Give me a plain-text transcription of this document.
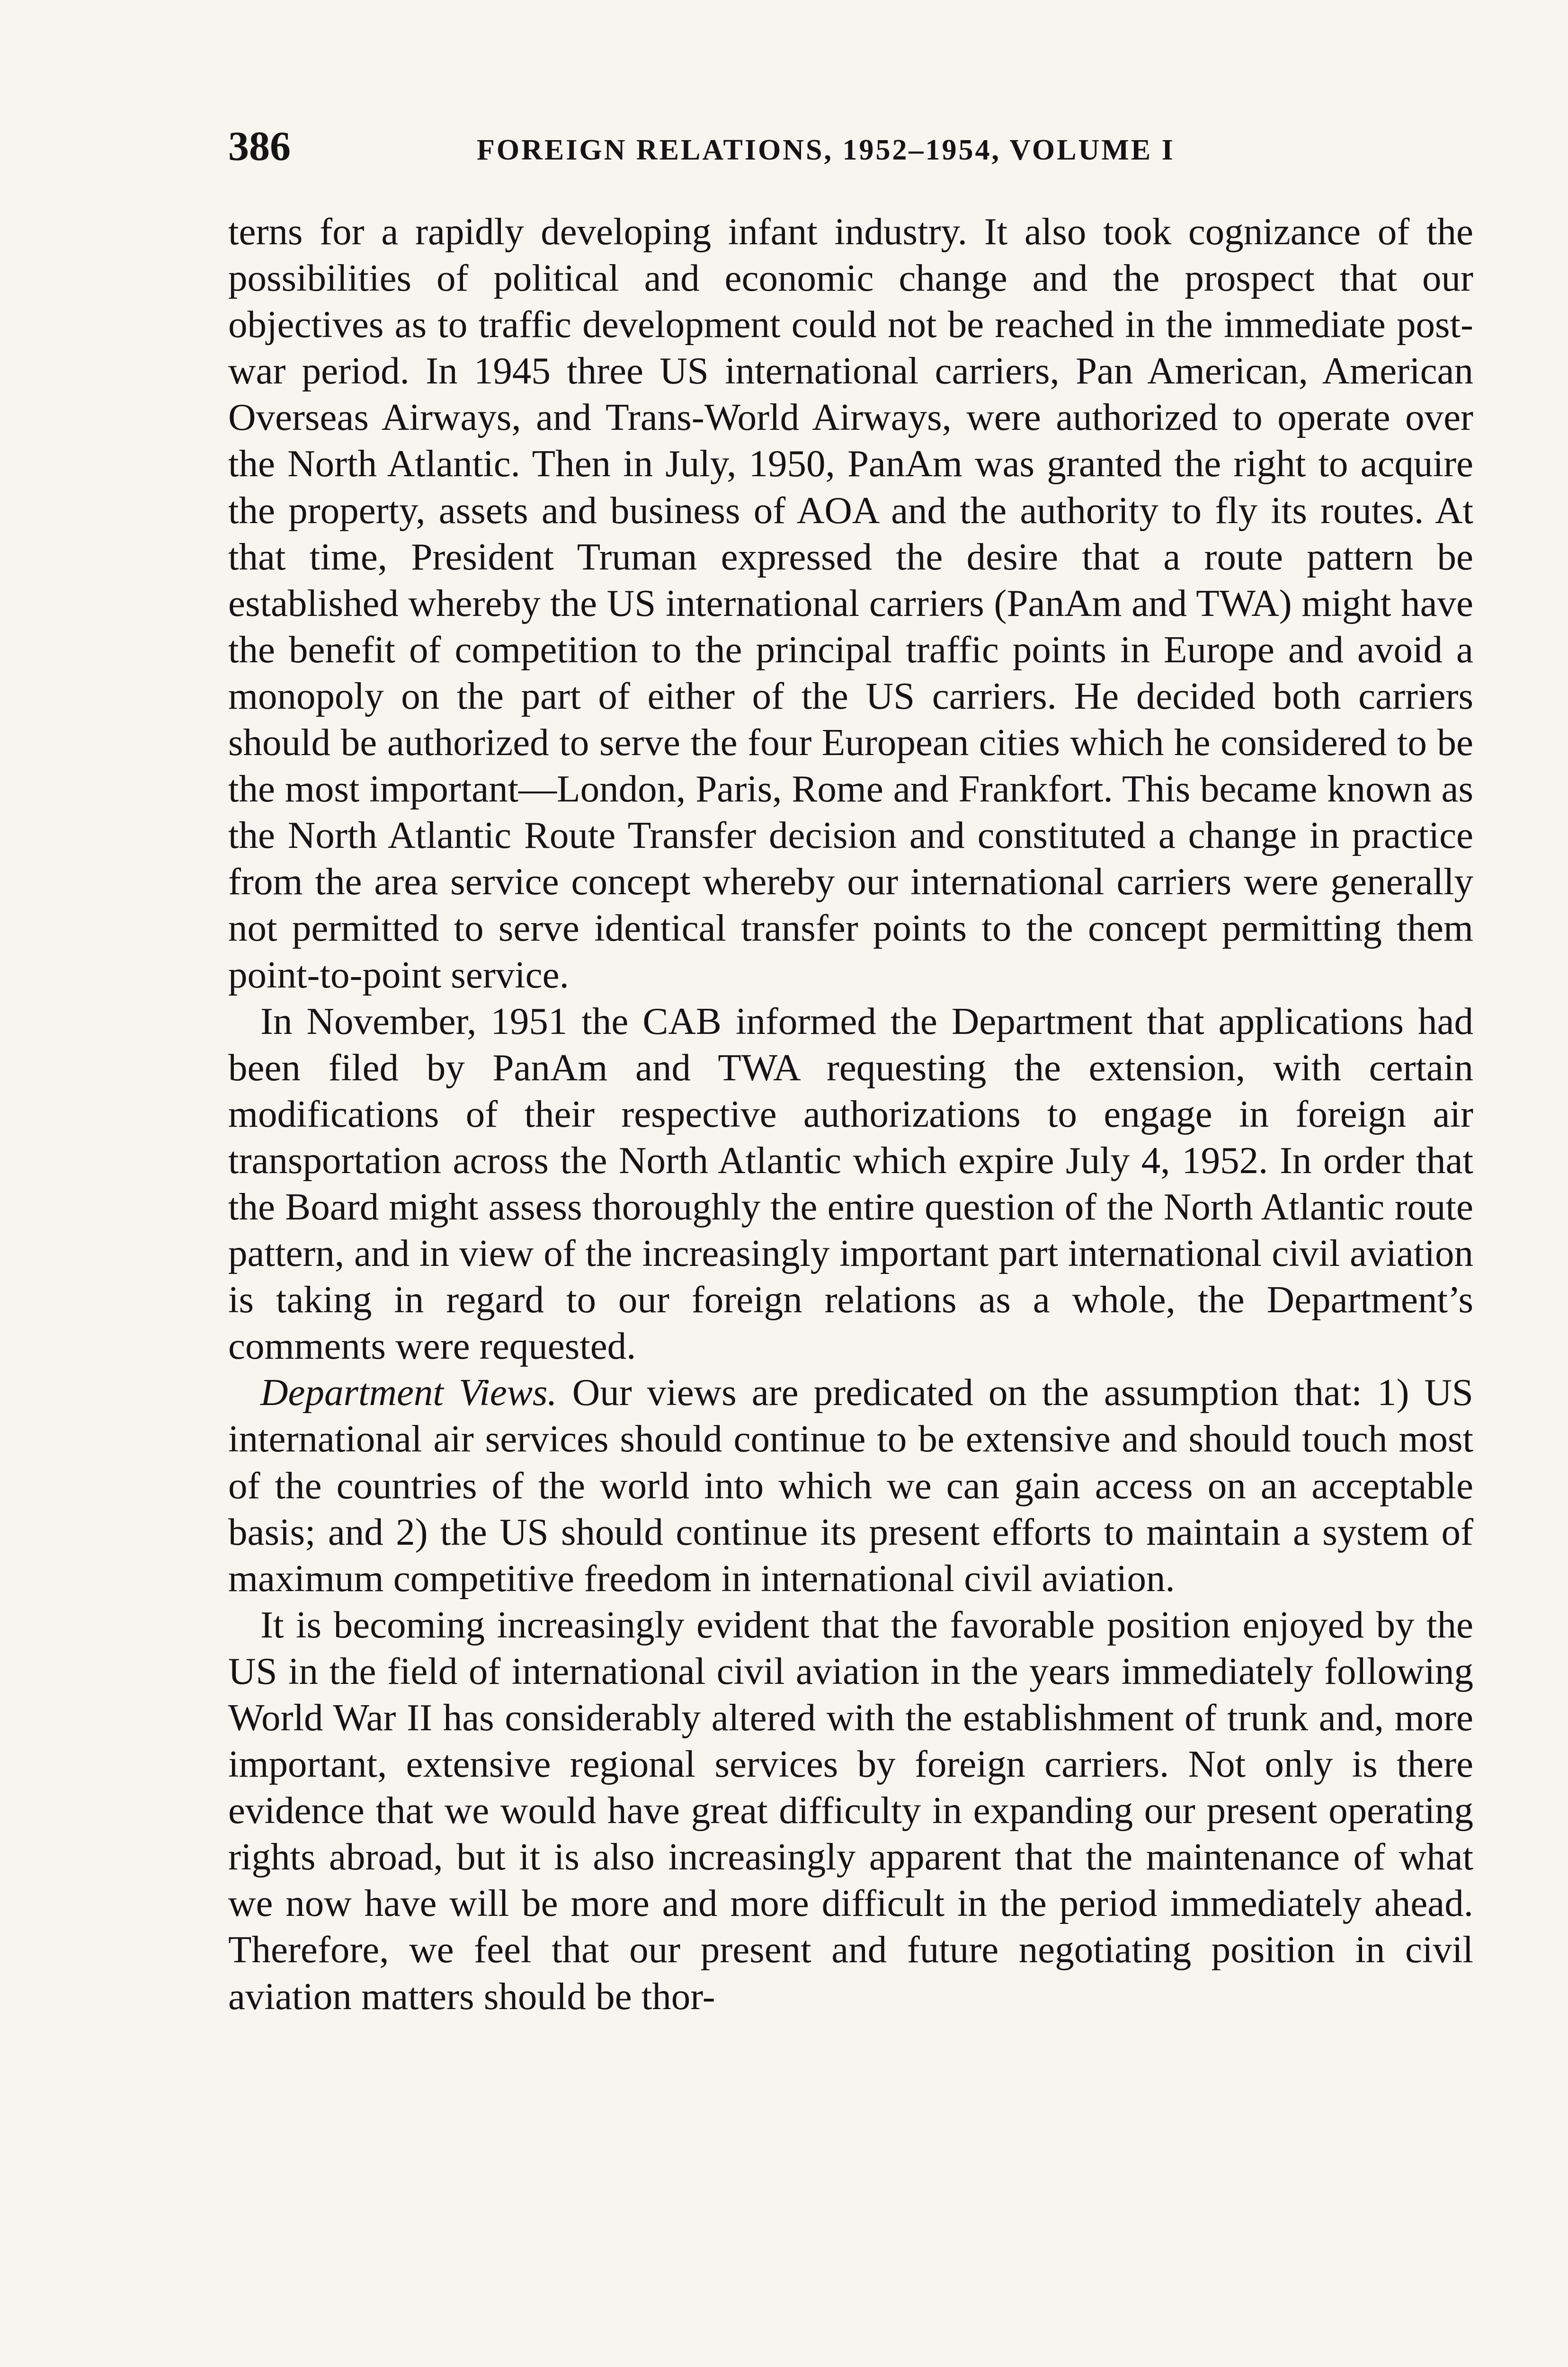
386	FOREIGN RELATIONS, 1952–1954, VOLUME I

terns for a rapidly developing infant industry. It also took cognizance of the possibilities of political and economic change and the prospect that our objectives as to traffic development could not be reached in the immediate post-war period. In 1945 three US international carriers, Pan American, American Overseas Airways, and Trans-World Airways, were authorized to operate over the North Atlantic. Then in July, 1950, PanAm was granted the right to acquire the property, assets and business of AOA and the authority to fly its routes. At that time, President Truman expressed the desire that a route pattern be established whereby the US international carriers (PanAm and TWA) might have the benefit of competition to the principal traffic points in Europe and avoid a monopoly on the part of either of the US carriers. He decided both carriers should be authorized to serve the four European cities which he considered to be the most important—London, Paris, Rome and Frankfort. This became known as the North Atlantic Route Transfer decision and constituted a change in practice from the area service concept whereby our international carriers were generally not permitted to serve identical transfer points to the concept permitting them point-to-point service.

In November, 1951 the CAB informed the Department that applications had been filed by PanAm and TWA requesting the extension, with certain modifications of their respective authorizations to engage in foreign air transportation across the North Atlantic which expire July 4, 1952. In order that the Board might assess thoroughly the entire question of the North Atlantic route pattern, and in view of the increasingly important part international civil aviation is taking in regard to our foreign relations as a whole, the Department’s comments were requested.

Department Views. Our views are predicated on the assumption that: 1) US international air services should continue to be extensive and should touch most of the countries of the world into which we can gain access on an acceptable basis; and 2) the US should continue its present efforts to maintain a system of maximum competitive freedom in international civil aviation.

It is becoming increasingly evident that the favorable position enjoyed by the US in the field of international civil aviation in the years immediately following World War II has considerably altered with the establishment of trunk and, more important, extensive regional services by foreign carriers. Not only is there evidence that we would have great difficulty in expanding our present operating rights abroad, but it is also increasingly apparent that the maintenance of what we now have will be more and more difficult in the period immediately ahead. Therefore, we feel that our present and future negotiating position in civil aviation matters should be thor-
